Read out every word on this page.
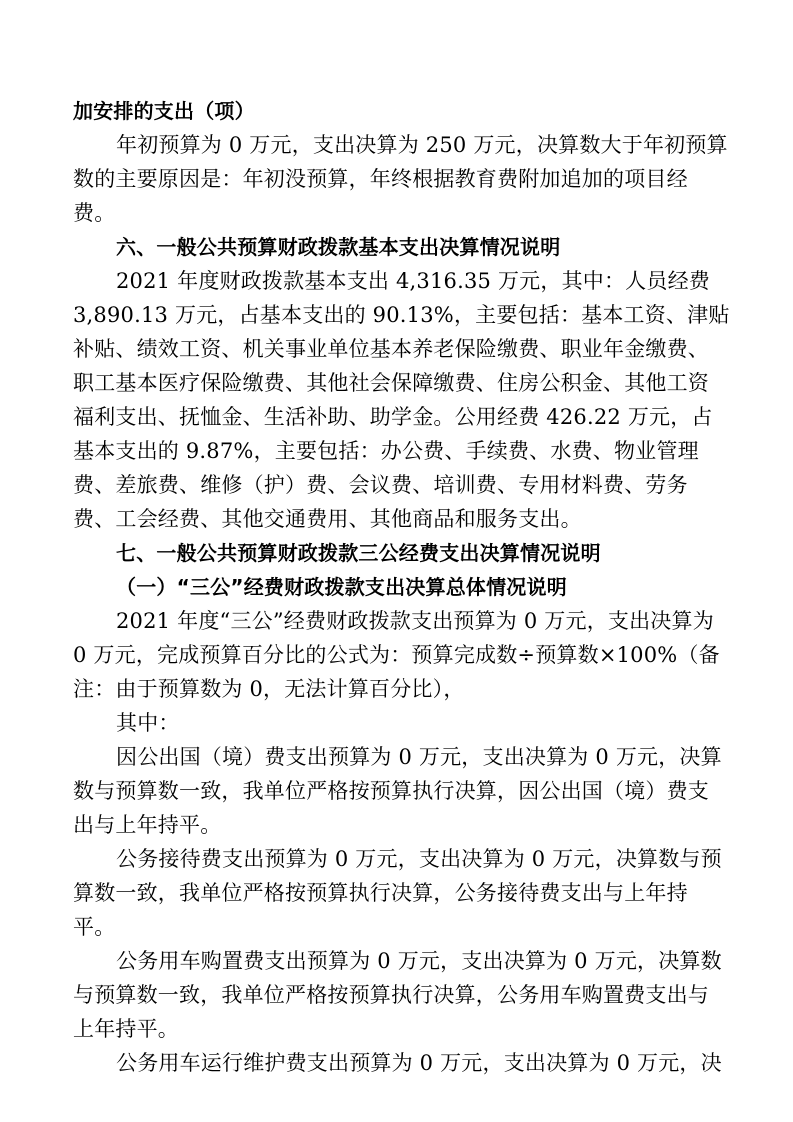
加安排的支出（项）
年初预算为 0 万元，支出决算为 250 万元，决算数大于年初预算
数的主要原因是：年初没预算，年终根据教育费附加追加的项目经
费。
六、一般公共预算财政拨款基本支出决算情况说明
2021 年度财政拨款基本支出 4,316.35 万元，其中：人员经费
3,890.13 万元，占基本支出的 90.13%，主要包括：基本工资、津贴
补贴、绩效工资、机关事业单位基本养老保险缴费、职业年金缴费、
职工基本医疗保险缴费、其他社会保障缴费、住房公积金、其他工资
福利支出、抚恤金、生活补助、助学金。公用经费 426.22 万元，占
基本支出的 9.87%，主要包括：办公费、手续费、水费、物业管理
费、差旅费、维修（护）费、会议费、培训费、专用材料费、劳务
费、工会经费、其他交通费用、其他商品和服务支出。
七、一般公共预算财政拨款三公经费支出决算情况说明
（一）“三公”经费财政拨款支出决算总体情况说明
2021 年度“三公”经费财政拨款支出预算为 0 万元，支出决算为
0 万元，完成预算百分比的公式为：预算完成数÷预算数×100%（备
注：由于预算数为 0，无法计算百分比），
其中：
因公出国（境）费支出预算为 0 万元，支出决算为 0 万元，决算
数与预算数一致，我单位严格按预算执行决算，因公出国（境）费支
出与上年持平。
公务接待费支出预算为 0 万元，支出决算为 0 万元，决算数与预
算数一致，我单位严格按预算执行决算，公务接待费支出与上年持
平。
公务用车购置费支出预算为 0 万元，支出决算为 0 万元，决算数
与预算数一致，我单位严格按预算执行决算，公务用车购置费支出与
上年持平。
公务用车运行维护费支出预算为 0 万元，支出决算为 0 万元，决
